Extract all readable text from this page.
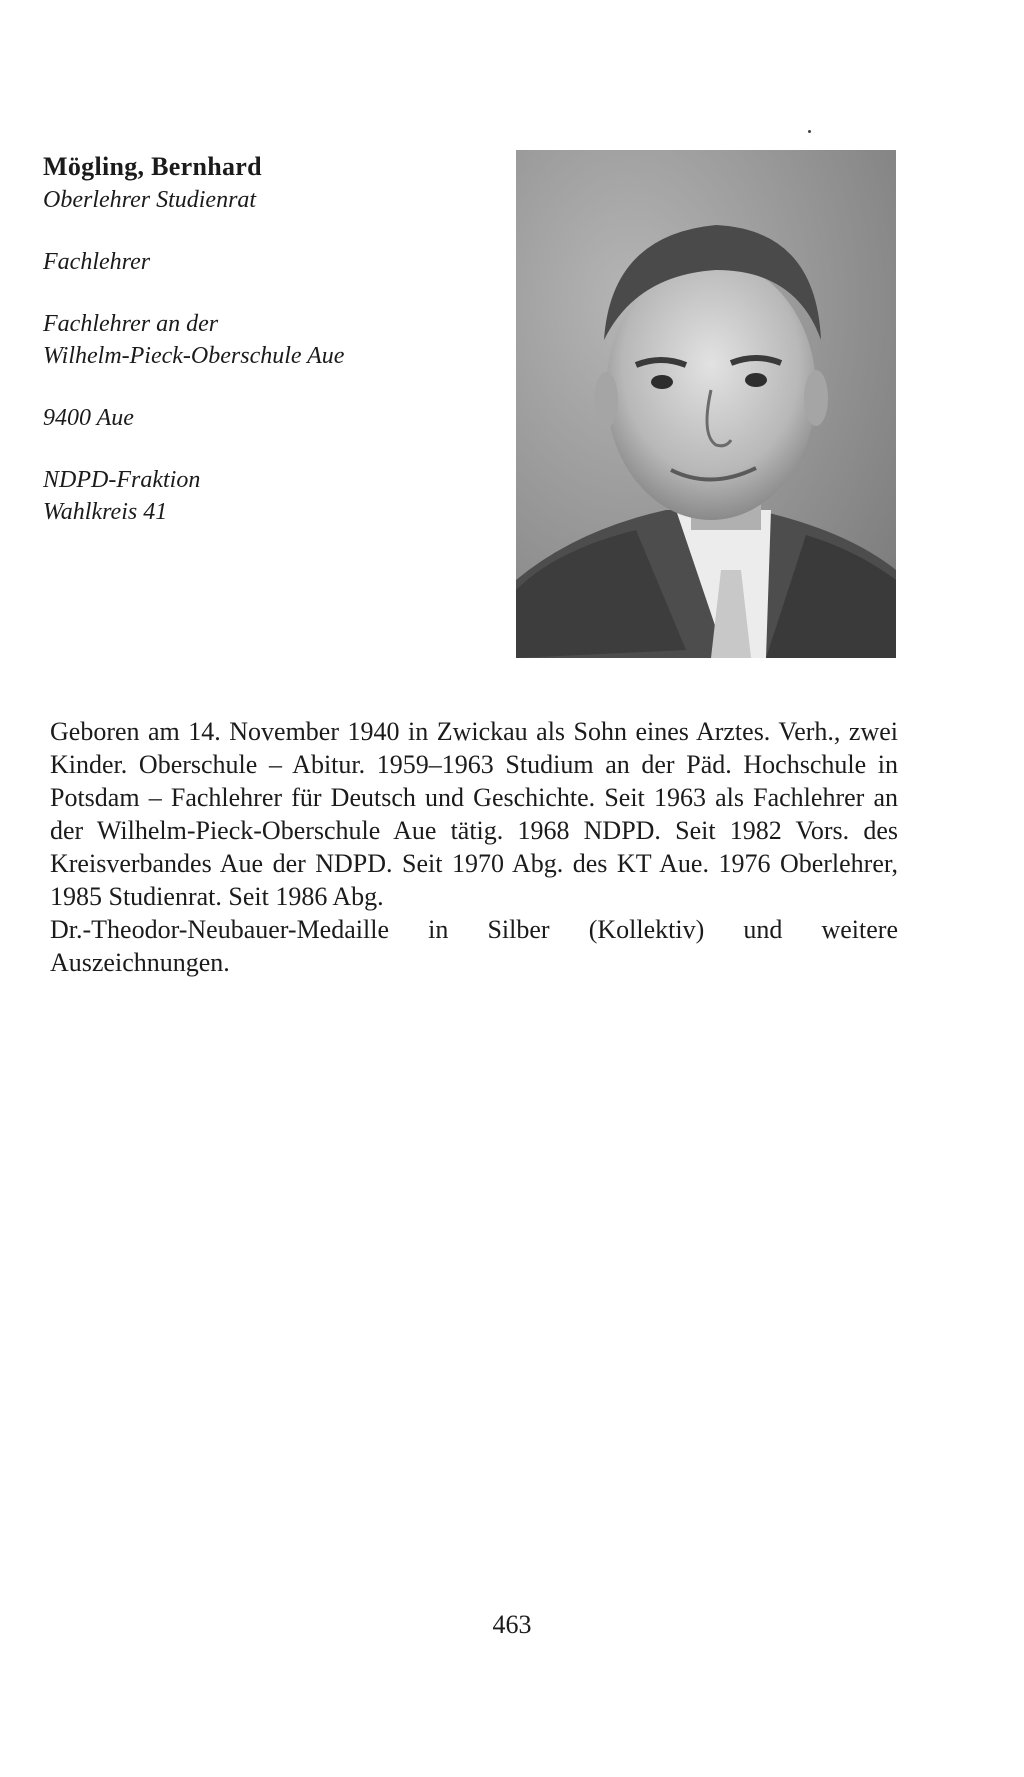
Mögling, Bernhard
Oberlehrer Studienrat
Fachlehrer
Fachlehrer an der
Wilhelm-Pieck-Oberschule Aue
9400 Aue
NDPD-Fraktion
Wahlkreis 41

Geboren am 14. November 1940 in Zwickau als Sohn eines Arztes. Verh., zwei Kinder. Oberschule – Abitur. 1959–1963 Studium an der Päd. Hochschule in Potsdam – Fachlehrer für Deutsch und Geschichte. Seit 1963 als Fachlehrer an der Wilhelm-Pieck-Oberschule Aue tätig. 1968 NDPD. Seit 1982 Vors. des Kreisverbandes Aue der NDPD. Seit 1970 Abg. des KT Aue. 1976 Oberlehrer, 1985 Studienrat. Seit 1986 Abg.

Dr.-Theodor-Neubauer-Medaille in Silber (Kollektiv) und weitere Auszeichnungen.

463
